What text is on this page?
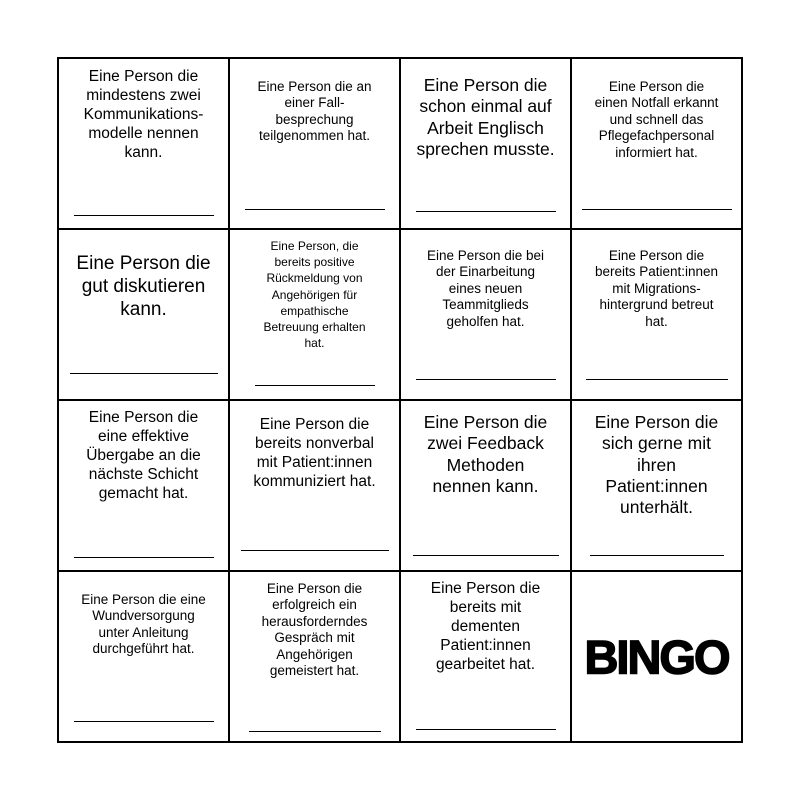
Eine Person die
mindestens zwei
Kommunikations-
modelle nennen
kann.
Eine Person die an
einer Fall-
besprechung
teilgenommen hat.
Eine Person die
schon einmal auf
Arbeit Englisch
sprechen musste.
Eine Person die
einen Notfall erkannt
und schnell das
Pflegefachpersonal
informiert hat.
Eine Person die
gut diskutieren
kann.
Eine Person, die
bereits positive
Rückmeldung von
Angehörigen für
empathische
Betreuung erhalten
hat.
Eine Person die bei
der Einarbeitung
eines neuen
Teammitglieds
geholfen hat.
Eine Person die
bereits Patient:innen
mit Migrations-
hintergrund betreut
hat.
Eine Person die
eine effektive
Übergabe an die
nächste Schicht
gemacht hat.
Eine Person die
bereits nonverbal
mit Patient:innen
kommuniziert hat.
Eine Person die
zwei Feedback
Methoden
nennen kann.
Eine Person die
sich gerne mit
ihren
Patient:innen
unterhält.
Eine Person die eine
Wundversorgung
unter Anleitung
durchgeführt hat.
Eine Person die
erfolgreich ein
herausforderndes
Gespräch mit
Angehörigen
gemeistert hat.
Eine Person die
bereits mit
dementen
Patient:innen
gearbeitet hat.	BINGO
